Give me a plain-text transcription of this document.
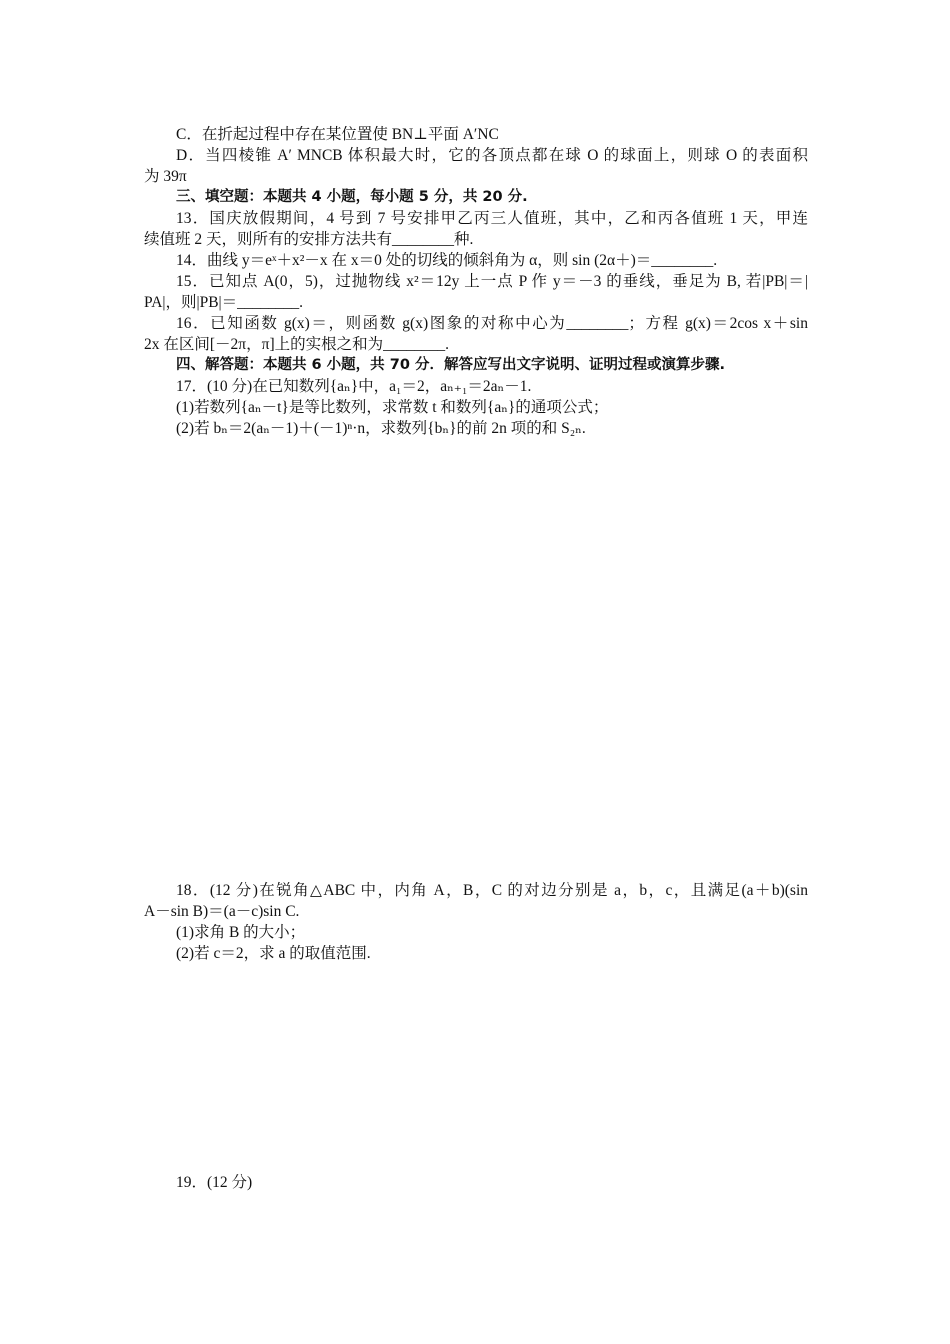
C．在折起过程中存在某位置使 BN⊥平面 A′NC
D．当四棱锥 A′ MNCB 体积最大时，它的各顶点都在球 O 的球面上，则球 O 的表面积
为 39π
三、填空题：本题共 4 小题，每小题 5 分，共 20 分.
13．国庆放假期间，4 号到 7 号安排甲乙丙三人值班，其中，乙和丙各值班 1 天，甲连
续值班 2 天，则所有的安排方法共有________种.
14．曲线 y＝eˣ＋x²－x 在 x＝0 处的切线的倾斜角为 α，则 sin (2α＋)＝________.
15．已知点 A(0，5)，过抛物线 x²＝12y 上一点 P 作 y＝－3 的垂线，垂足为 B, 若|PB|＝|
PA|，则|PB|＝________.
16．已知函数 g(x)＝，则函数 g(x)图象的对称中心为________；方程 g(x)＝2cos x＋sin
2x 在区间[－2π，π]上的实根之和为________.
四、解答题：本题共 6 小题，共 70 分．解答应写出文字说明、证明过程或演算步骤.
17．(10 分)在已知数列{aₙ}中，a₁＝2，aₙ₊₁＝2aₙ－1.
(1)若数列{aₙ－t}是等比数列，求常数 t 和数列{aₙ}的通项公式；
(2)若 bₙ＝2(aₙ－1)＋(－1)ⁿ·n，求数列{bₙ}的前 2n 项的和 S₂ₙ.
18．(12 分)在锐角△ABC 中，内角 A，B，C 的对边分别是 a，b，c，且满足(a＋b)(sin
A－sin B)＝(a－c)sin C.
(1)求角 B 的大小；
(2)若 c＝2，求 a 的取值范围.
19．(12 分)
